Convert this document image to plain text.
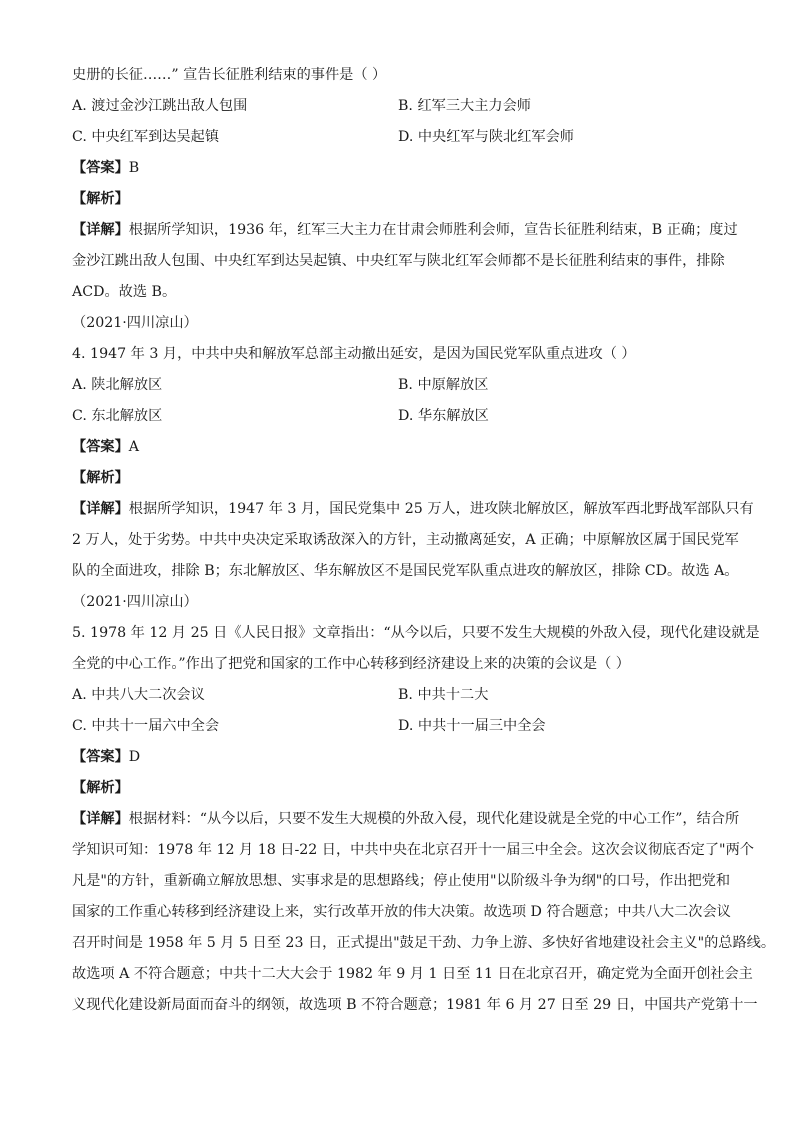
史册的长征……” 宣告长征胜利结束的事件是（ ）
A. 渡过金沙江跳出敌人包围	B. 红军三大主力会师
C. 中央红军到达吴起镇	D. 中央红军与陕北红军会师
【答案】B
【解析】
【详解】根据所学知识，1936 年，红军三大主力在甘肃会师胜利会师，宣告长征胜利结束，B 正确；度过
金沙江跳出敌人包围、中央红军到达吴起镇、中央红军与陕北红军会师都不是长征胜利结束的事件，排除
ACD。故选 B。
（2021·四川凉山）
4. 1947 年 3 月，中共中央和解放军总部主动撤出延安，是因为国民党军队重点进攻（ ）
A. 陕北解放区	B. 中原解放区
C. 东北解放区	D. 华东解放区
【答案】A
【解析】
【详解】根据所学知识，1947 年 3 月，国民党集中 25 万人，进攻陕北解放区，解放军西北野战军部队只有
2 万人，处于劣势。中共中央决定采取诱敌深入的方针，主动撤离延安，A 正确；中原解放区属于国民党军
队的全面进攻，排除 B；东北解放区、华东解放区不是国民党军队重点进攻的解放区，排除 CD。故选 A。
（2021·四川凉山）
5. 1978 年 12 月 25 日《人民日报》文章指出：“从今以后，只要不发生大规模的外敌入侵，现代化建设就是
全党的中心工作。”作出了把党和国家的工作中心转移到经济建设上来的决策的会议是（ ）
A. 中共八大二次会议	B. 中共十二大
C. 中共十一届六中全会	D. 中共十一届三中全会
【答案】D
【解析】
【详解】根据材料：“从今以后，只要不发生大规模的外敌入侵，现代化建设就是全党的中心工作”，结合所
学知识可知：1978 年 12 月 18 日-22 日，中共中央在北京召开十一届三中全会。这次会议彻底否定了"两个
凡是"的方针，重新确立解放思想、实事求是的思想路线；停止使用"以阶级斗争为纲"的口号，作出把党和
国家的工作重心转移到经济建设上来，实行改革开放的伟大决策。故选项 D 符合题意；中共八大二次会议
召开时间是 1958 年 5 月 5 日至 23 日，正式提出"鼓足干劲、力争上游、多快好省地建设社会主义"的总路线。
故选项 A 不符合题意；中共十二大大会于 1982 年 9 月 1 日至 11 日在北京召开，确定党为全面开创社会主
义现代化建设新局面而奋斗的纲领，故选项 B 不符合题意；1981 年 6 月 27 日至 29 日，中国共产党第十一
